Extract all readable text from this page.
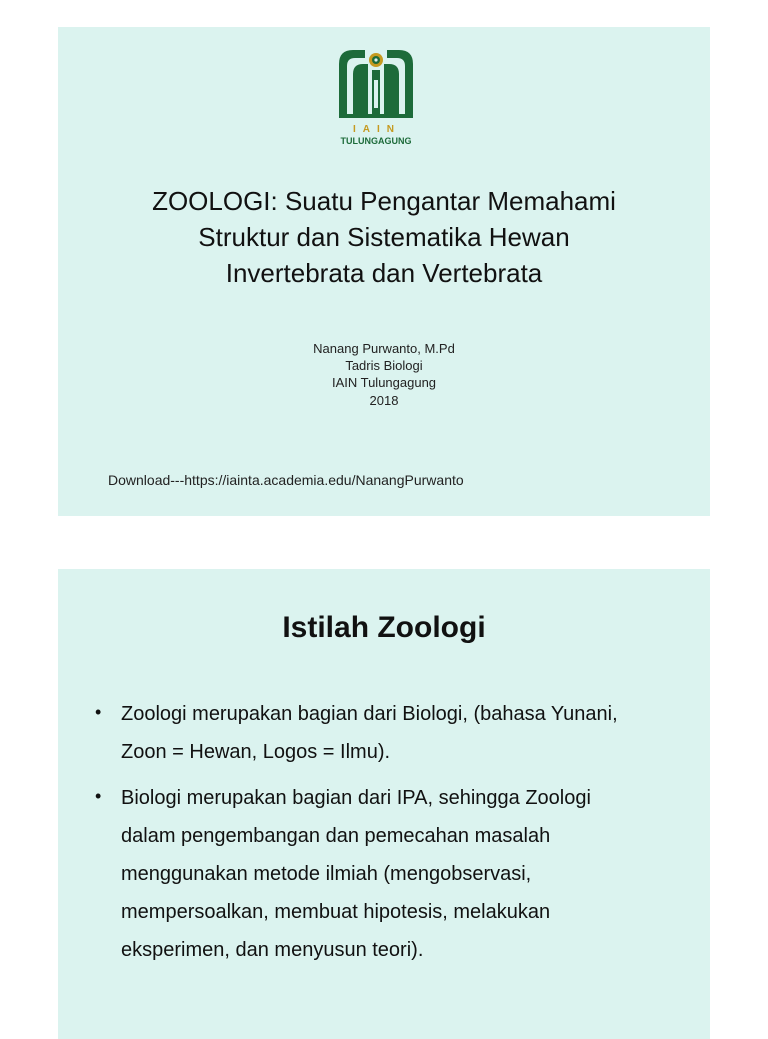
IAIN
TULUNGAGUNG
ZOOLOGI: Suatu Pengantar Memahami
Struktur dan Sistematika Hewan
Invertebrata dan Vertebrata
Nanang Purwanto, M.Pd
Tadris Biologi
IAIN Tulungagung
2018
Download---https://iainta.academia.edu/NanangPurwanto
Istilah Zoologi
• Zoologi merupakan bagian dari Biologi, (bahasa Yunani,
Zoon = Hewan, Logos = Ilmu).
• Biologi merupakan bagian dari IPA, sehingga Zoologi
dalam pengembangan dan pemecahan masalah
menggunakan metode ilmiah (mengobservasi,
mempersoalkan, membuat hipotesis, melakukan
eksperimen, dan menyusun teori).
